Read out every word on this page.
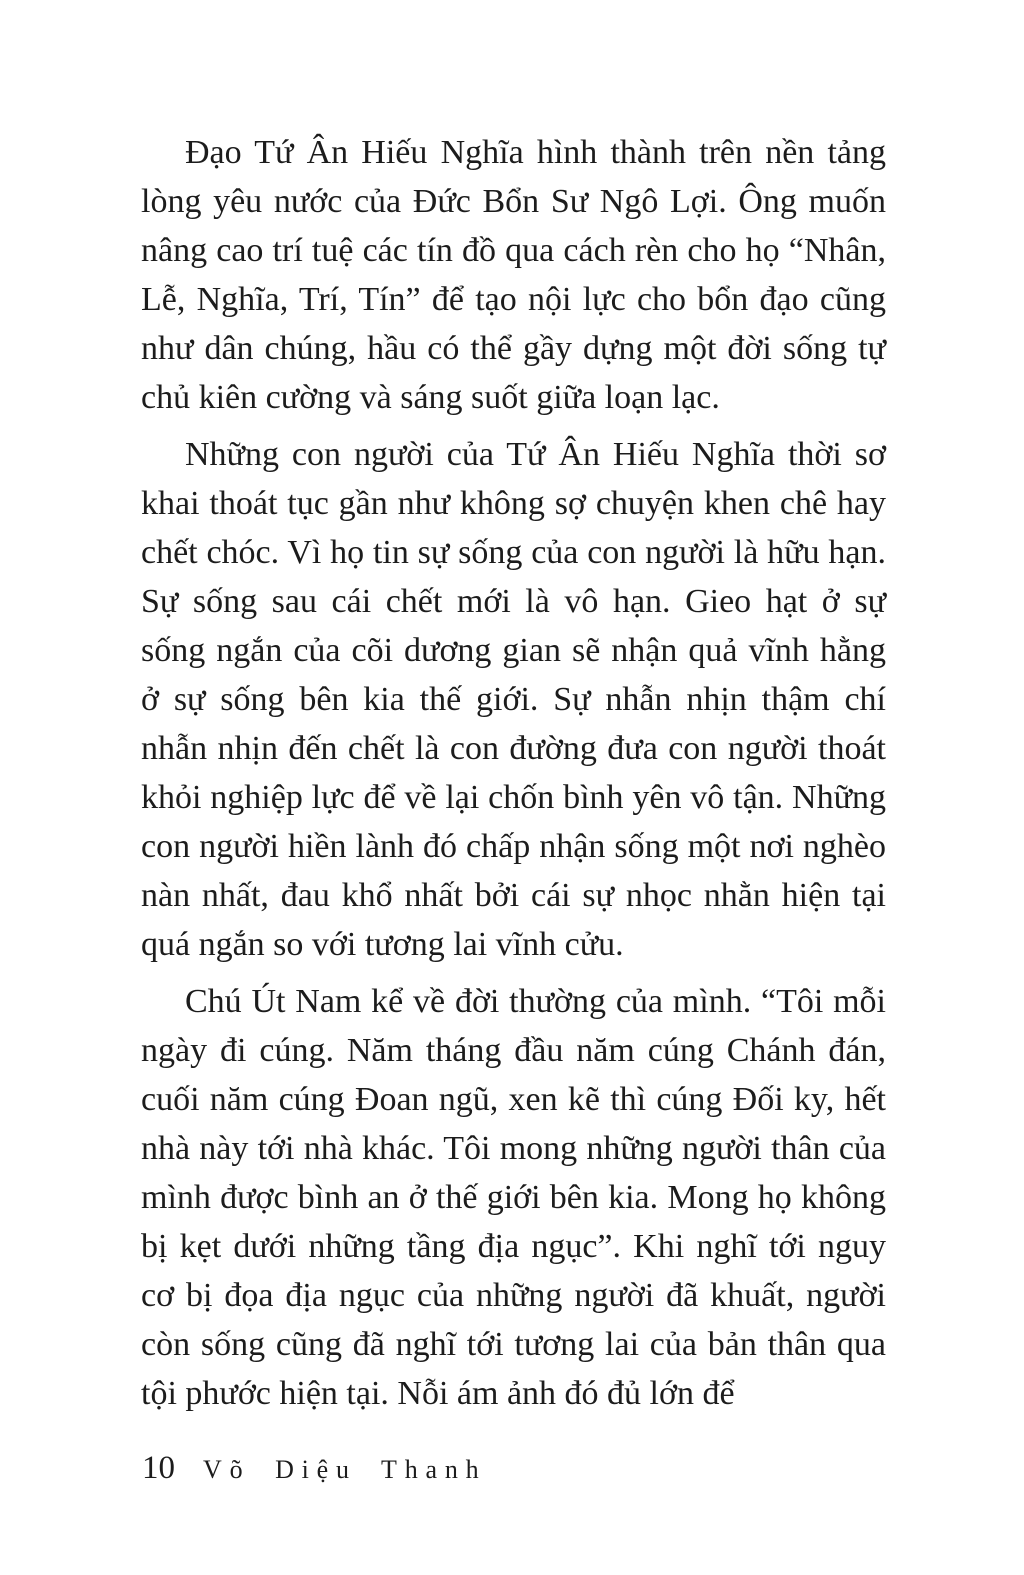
Đạo Tứ Ân Hiếu Nghĩa hình thành trên nền tảng lòng yêu nước của Đức Bổn Sư Ngô Lợi. Ông muốn nâng cao trí tuệ các tín đồ qua cách rèn cho họ “Nhân, Lễ, Nghĩa, Trí, Tín” để tạo nội lực cho bổn đạo cũng như dân chúng, hầu có thể gầy dựng một đời sống tự chủ kiên cường và sáng suốt giữa loạn lạc.

Những con người của Tứ Ân Hiếu Nghĩa thời sơ khai thoát tục gần như không sợ chuyện khen chê hay chết chóc. Vì họ tin sự sống của con người là hữu hạn. Sự sống sau cái chết mới là vô hạn. Gieo hạt ở sự sống ngắn của cõi dương gian sẽ nhận quả vĩnh hằng ở sự sống bên kia thế giới. Sự nhẫn nhịn thậm chí nhẫn nhịn đến chết là con đường đưa con người thoát khỏi nghiệp lực để về lại chốn bình yên vô tận. Những con người hiền lành đó chấp nhận sống một nơi nghèo nàn nhất, đau khổ nhất bởi cái sự nhọc nhằn hiện tại quá ngắn so với tương lai vĩnh cửu.

Chú Út Nam kể về đời thường của mình. “Tôi mỗi ngày đi cúng. Năm tháng đầu năm cúng Chánh đán, cuối năm cúng Đoan ngũ, xen kẽ thì cúng Đối ky, hết nhà này tới nhà khác. Tôi mong những người thân của mình được bình an ở thế giới bên kia. Mong họ không bị kẹt dưới những tầng địa ngục”. Khi nghĩ tới nguy cơ bị đọa địa ngục của những người đã khuất, người còn sống cũng đã nghĩ tới tương lai của bản thân qua tội phước hiện tại. Nỗi ám ảnh đó đủ lớn để

10 Võ Diệu Thanh
